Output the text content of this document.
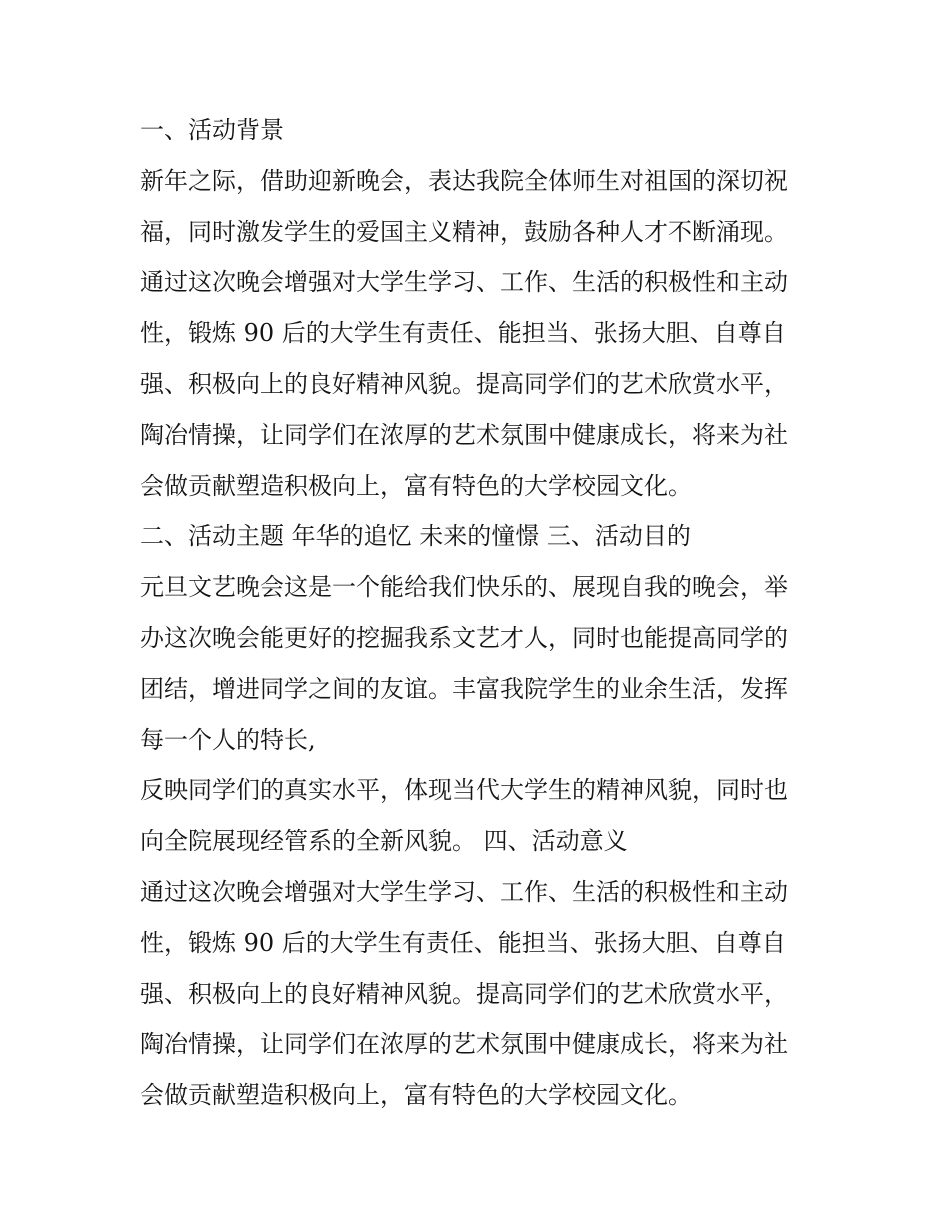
一、活动背景
新年之际，借助迎新晚会，表达我院全体师生对祖国的深切祝
福，同时激发学生的爱国主义精神，鼓励各种人才不断涌现。
通过这次晚会增强对大学生学习、工作、生活的积极性和主动
性，锻炼 90 后的大学生有责任、能担当、张扬大胆、自尊自
强、积极向上的良好精神风貌。提高同学们的艺术欣赏水平，
陶冶情操，让同学们在浓厚的艺术氛围中健康成长，将来为社
会做贡献塑造积极向上，富有特色的大学校园文化。
二、活动主题 年华的追忆 未来的憧憬 三、活动目的
元旦文艺晚会这是一个能给我们快乐的、展现自我的晚会，举
办这次晚会能更好的挖掘我系文艺才人，同时也能提高同学的
团结，增进同学之间的友谊。丰富我院学生的业余生活，发挥
每一个人的特长,
反映同学们的真实水平，体现当代大学生的精神风貌，同时也
向全院展现经管系的全新风貌。 四、活动意义
通过这次晚会增强对大学生学习、工作、生活的积极性和主动
性，锻炼 90 后的大学生有责任、能担当、张扬大胆、自尊自
强、积极向上的良好精神风貌。提高同学们的艺术欣赏水平，
陶冶情操，让同学们在浓厚的艺术氛围中健康成长，将来为社
会做贡献塑造积极向上，富有特色的大学校园文化。
